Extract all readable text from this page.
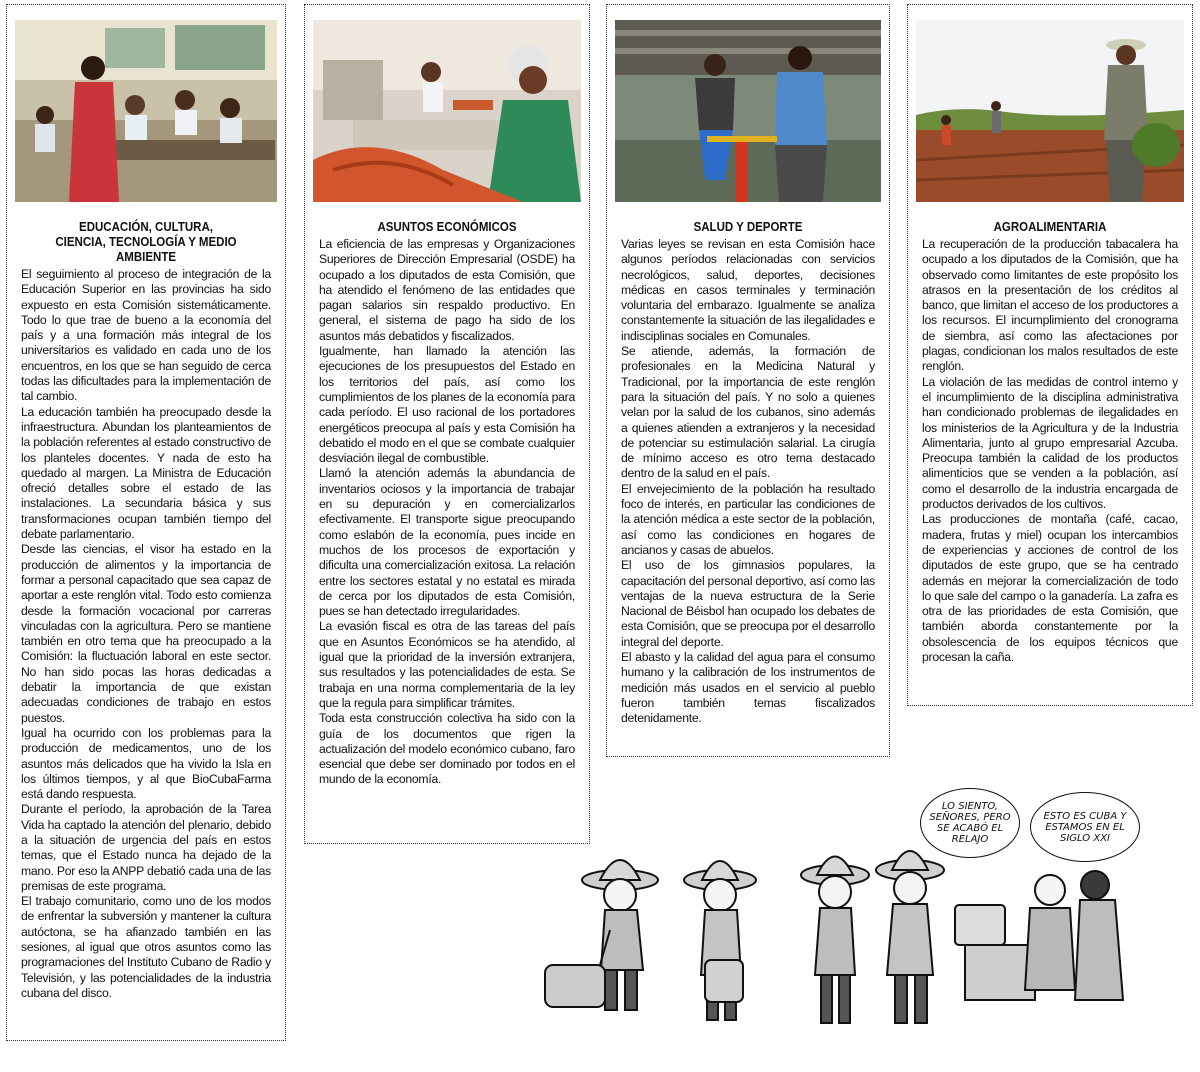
EDUCACIÓN, CULTURA,
CIENCIA, TECNOLOGÍA Y MEDIO AMBIENTE

El seguimiento al proceso de integración de la Educación Superior en las provincias ha sido expuesto en esta Comisión sistemáticamente. Todo lo que trae de bueno a la economía del país y a una formación más integral de los universitarios es validado en cada uno de los encuentros, en los que se han seguido de cerca todas las dificultades para la implementación de tal cambio.

La educación también ha preocupado desde la infraestructura. Abundan los planteamientos de la población referentes al estado constructivo de los planteles docentes. Y nada de esto ha quedado al margen. La Ministra de Educación ofreció detalles sobre el estado de las instalaciones. La secundaria básica y sus transformaciones ocupan también tiempo del debate parlamentario.

Desde las ciencias, el visor ha estado en la producción de alimentos y la importancia de formar a personal capacitado que sea capaz de aportar a este renglón vital. Todo esto comienza desde la formación vocacional por carreras vinculadas con la agricultura. Pero se mantiene también en otro tema que ha preocupado a la Comisión: la fluctuación laboral en este sector. No han sido pocas las horas dedicadas a debatir la importancia de que existan adecuadas condiciones de trabajo en estos puestos.

Igual ha ocurrido con los problemas para la producción de medicamentos, uno de los asuntos más delicados que ha vivido la Isla en los últimos tiempos, y al que BioCubaFarma está dando respuesta.

Durante el período, la aprobación de la Tarea Vida ha captado la atención del plenario, debido a la situación de urgencia del país en estos temas, que el Estado nunca ha dejado de la mano. Por eso la ANPP debatió cada una de las premisas de este programa.

El trabajo comunitario, como uno de los modos de enfrentar la subversión y mantener la cultura autóctona, se ha afianzado también en las sesiones, al igual que otros asuntos como las programaciones del Instituto Cubano de Radio y Televisión, y las potencialidades de la industria cubana del disco.

ASUNTOS ECONÓMICOS

La eficiencia de las empresas y Organizaciones Superiores de Dirección Empresarial (OSDE) ha ocupado a los diputados de esta Comisión, que ha atendido el fenómeno de las entidades que pagan salarios sin respaldo productivo. En general, el sistema de pago ha sido de los asuntos más debatidos y fiscalizados.

Igualmente, han llamado la atención las ejecuciones de los presupuestos del Estado en los territorios del país, así como los cumplimientos de los planes de la economía para cada período. El uso racional de los portadores energéticos preocupa al país y esta Comisión ha debatido el modo en el que se combate cualquier desviación ilegal de combustible.

Llamó la atención además la abundancia de inventarios ociosos y la importancia de trabajar en su depuración y en comercializarlos efectivamente. El transporte sigue preocupando como eslabón de la economía, pues incide en muchos de los procesos de exportación y dificulta una comercialización exitosa. La relación entre los sectores estatal y no estatal es mirada de cerca por los diputados de esta Comisión, pues se han detectado irregularidades.

La evasión fiscal es otra de las tareas del país que en Asuntos Económicos se ha atendido, al igual que la prioridad de la inversión extranjera, sus resultados y las potencialidades de esta. Se trabaja en una norma complementaria de la ley que la regula para simplificar trámites.

Toda esta construcción colectiva ha sido con la guía de los documentos que rigen la actualización del modelo económico cubano, faro esencial que debe ser dominado por todos en el mundo de la economía.

SALUD Y DEPORTE

Varias leyes se revisan en esta Comisión hace algunos períodos relacionadas con servicios necrológicos, salud, deportes, decisiones médicas en casos terminales y terminación voluntaria del embarazo. Igualmente se analiza constantemente la situación de las ilegalidades e indisciplinas sociales en Comunales.

Se atiende, además, la formación de profesionales en la Medicina Natural y Tradicional, por la importancia de este renglón para la situación del país. Y no solo a quienes velan por la salud de los cubanos, sino además a quienes atienden a extranjeros y la necesidad de potenciar su estimulación salarial. La cirugía de mínimo acceso es otro tema destacado dentro de la salud en el país.

El envejecimiento de la población ha resultado foco de interés, en particular las condiciones de la atención médica a este sector de la población, así como las condiciones en hogares de ancianos y casas de abuelos.

El uso de los gimnasios populares, la capacitación del personal deportivo, así como las ventajas de la nueva estructura de la Serie Nacional de Béisbol han ocupado los debates de esta Comisión, que se preocupa por el desarrollo integral del deporte.

El abasto y la calidad del agua para el consumo humano y la calibración de los instrumentos de medición más usados en el servicio al pueblo fueron también temas fiscalizados detenidamente.

AGROALIMENTARIA

La recuperación de la producción tabacalera ha ocupado a los diputados de la Comisión, que ha observado como limitantes de este propósito los atrasos en la presentación de los créditos al banco, que limitan el acceso de los productores a los recursos. El incumplimiento del cronograma de siembra, así como las afectaciones por plagas, condicionan los malos resultados de este renglón.

La violación de las medidas de control interno y el incumplimiento de la disciplina administrativa han condicionado problemas de ilegalidades en los ministerios de la Agricultura y de la Industria Alimentaria, junto al grupo empresarial Azcuba. Preocupa también la calidad de los productos alimenticios que se venden a la población, así como el desarrollo de la industria encargada de productos derivados de los cultivos.

Las producciones de montaña (café, cacao, madera, frutas y miel) ocupan los intercambios de experiencias y acciones de control de los diputados de este grupo, que se ha centrado además en mejorar la comercialización de todo lo que sale del campo o la ganadería. La zafra es otra de las prioridades de esta Comisión, que también aborda constantemente por la obsolescencia de los equipos técnicos que procesan la caña.

LO SIENTO, SEÑORES, PERO SE ACABÓ EL RELAJO
ESTO ES CUBA Y ESTAMOS EN EL SIGLO XXI
